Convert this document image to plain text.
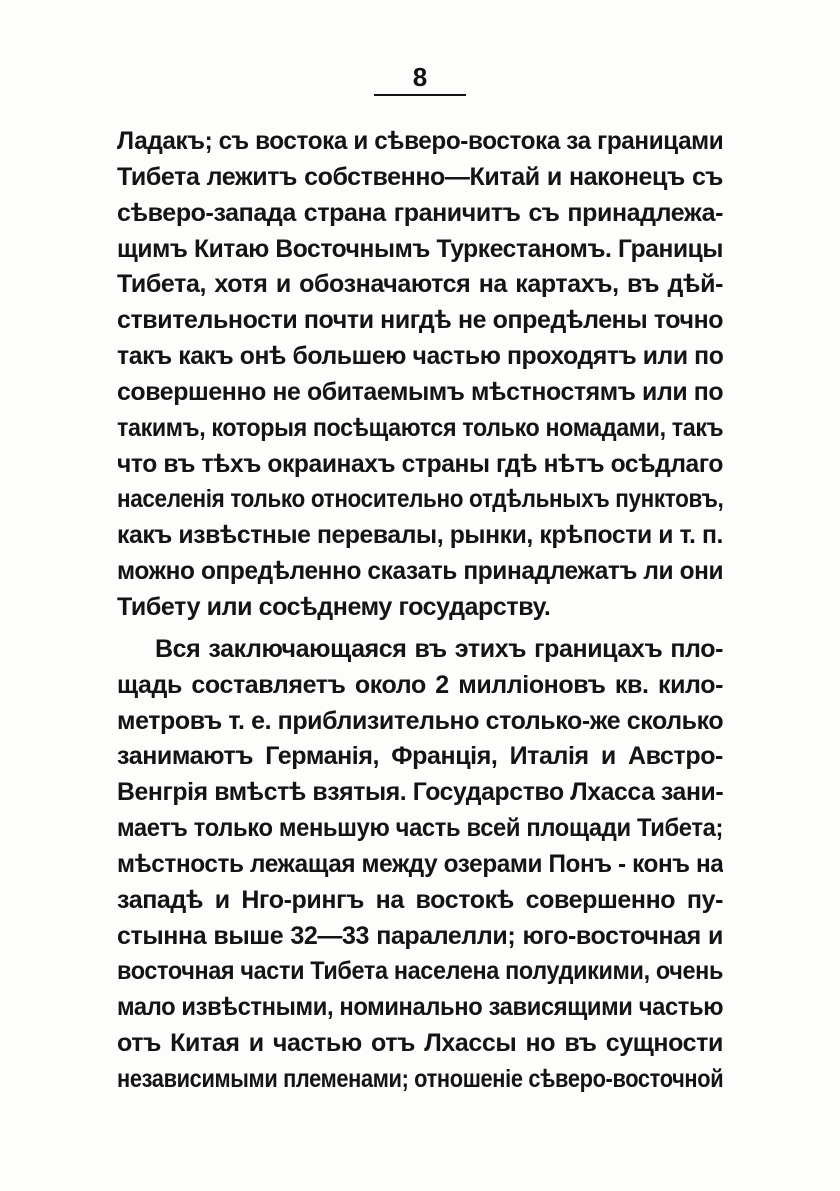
8
Ладакъ; съ востока и сѣверо-востока за границами
Тибета лежитъ собственно—Китай и наконецъ съ
сѣверо-запада страна граничитъ съ принадлежа-
щимъ Китаю Восточнымъ Туркестаномъ. Границы
Тибета, хотя и обозначаются на картахъ, въ дѣй-
ствительности почти нигдѣ не опредѣлены точно
такъ какъ онѣ большею частью проходятъ или по
совершенно не обитаемымъ мѣстностямъ или по
такимъ, которыя посѣщаются только номадами, такъ
что въ тѣхъ окраинахъ страны гдѣ нѣтъ осѣдлаго
населенія только относительно отдѣльныхъ пунктовъ,
какъ извѣстные перевалы, рынки, крѣпости и т. п.
можно опредѣленно сказать принадлежатъ ли они
Тибету или сосѣднему государству.
Вся заключающаяся въ этихъ границахъ пло-
щадь составляетъ около 2 милліоновъ кв. кило-
метровъ т. е. приблизительно столько-же сколько
занимаютъ Германія, Франція, Италія и Австро-
Венгрія вмѣстѣ взятыя. Государство Лхасса зани-
маетъ только меньшую часть всей площади Тибета;
мѣстность лежащая между озерами Понъ - конъ на
западѣ и Нго-рингъ на востокѣ совершенно пу-
стынна выше 32—33 паралелли; юго-восточная и
восточная части Тибета населена полудикими, очень
мало извѣстными, номинально зависящими частью
отъ Китая и частью отъ Лхассы но въ сущности
независимыми племенами; отношеніе сѣверо-восточной
